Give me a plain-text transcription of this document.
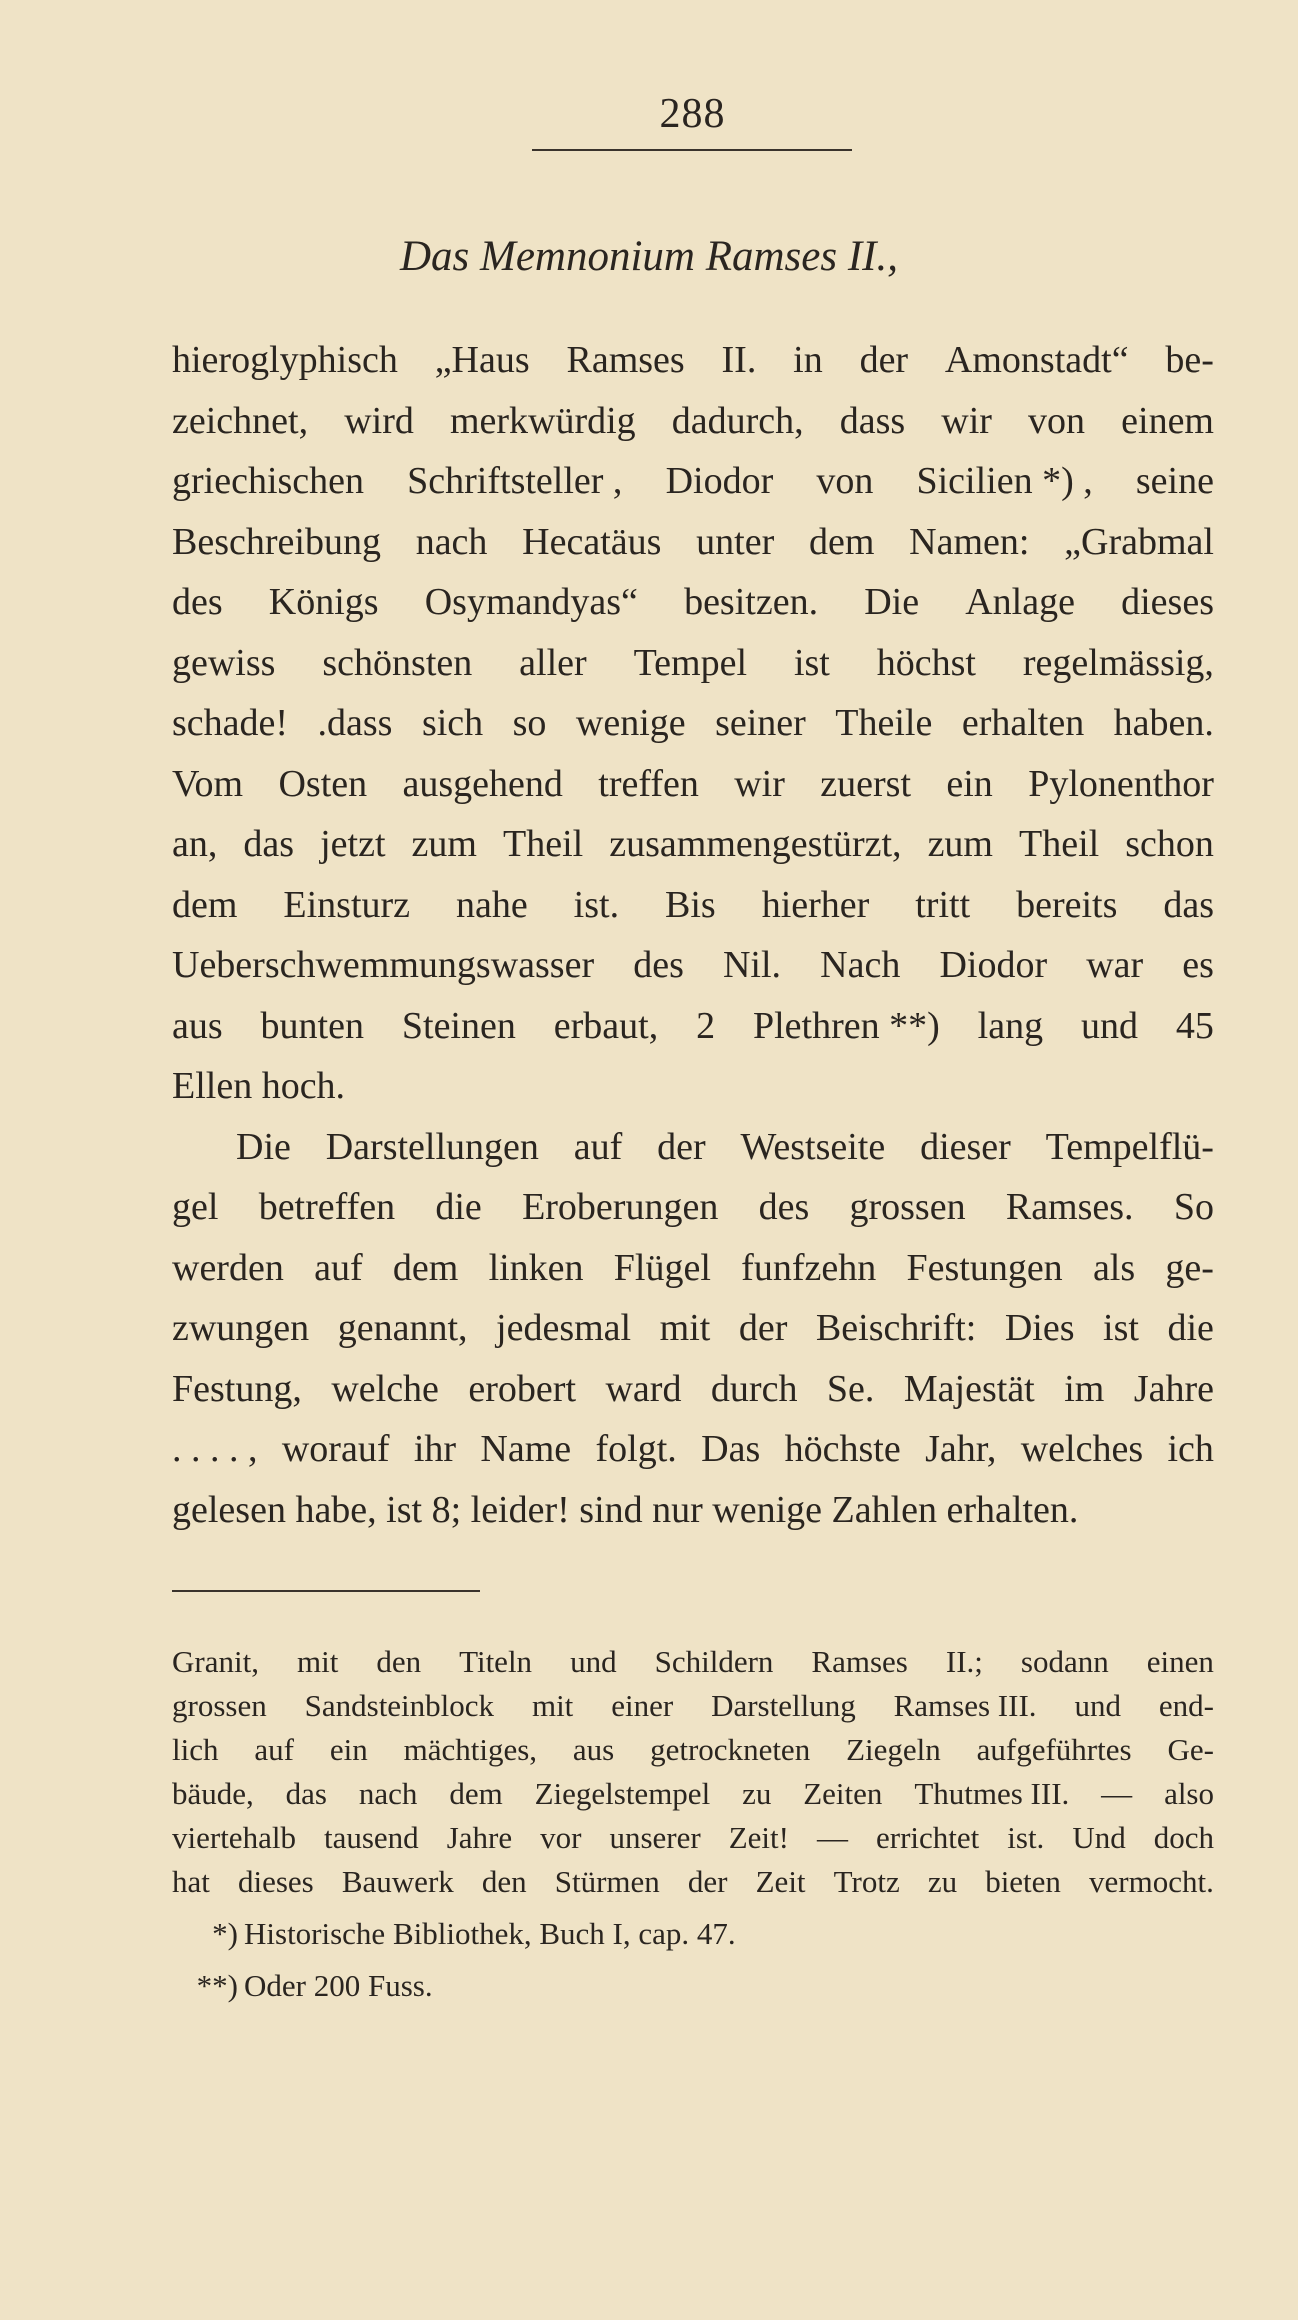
288
Das Memnonium Ramses II.,
hieroglyphisch „Haus Ramses II. in der Amonstadt“ be-
zeichnet, wird merkwürdig dadurch, dass wir von einem
griechischen Schriftsteller , Diodor von Sicilien *) , seine
Beschreibung nach Hecatäus unter dem Namen: „Grabmal
des Königs Osymandyas“ besitzen. Die Anlage dieses
gewiss schönsten aller Tempel ist höchst regelmässig,
schade! .dass sich so wenige seiner Theile erhalten haben.
Vom Osten ausgehend treffen wir zuerst ein Pylonenthor
an, das jetzt zum Theil zusammengestürzt, zum Theil schon
dem Einsturz nahe ist. Bis hierher tritt bereits das
Ueberschwemmungswasser des Nil. Nach Diodor war es
aus bunten Steinen erbaut, 2 Plethren **) lang und 45
Ellen hoch.
Die Darstellungen auf der Westseite dieser Tempelflü-
gel betreffen die Eroberungen des grossen Ramses. So
werden auf dem linken Flügel funfzehn Festungen als ge-
zwungen genannt, jedesmal mit der Beischrift: Dies ist die
Festung, welche erobert ward durch Se. Majestät im Jahre
. . . . , worauf ihr Name folgt. Das höchste Jahr, welches ich
gelesen habe, ist 8; leider! sind nur wenige Zahlen erhalten.
Granit, mit den Titeln und Schildern Ramses II.; sodann einen
grossen Sandsteinblock mit einer Darstellung Ramses III. und end-
lich auf ein mächtiges, aus getrockneten Ziegeln aufgeführtes Ge-
bäude, das nach dem Ziegelstempel zu Zeiten Thutmes III. — also
viertehalb tausend Jahre vor unserer Zeit! — errichtet ist. Und doch
hat dieses Bauwerk den Stürmen der Zeit Trotz zu bieten vermocht.
*) Historische Bibliothek, Buch I, cap. 47.
**) Oder 200 Fuss.
